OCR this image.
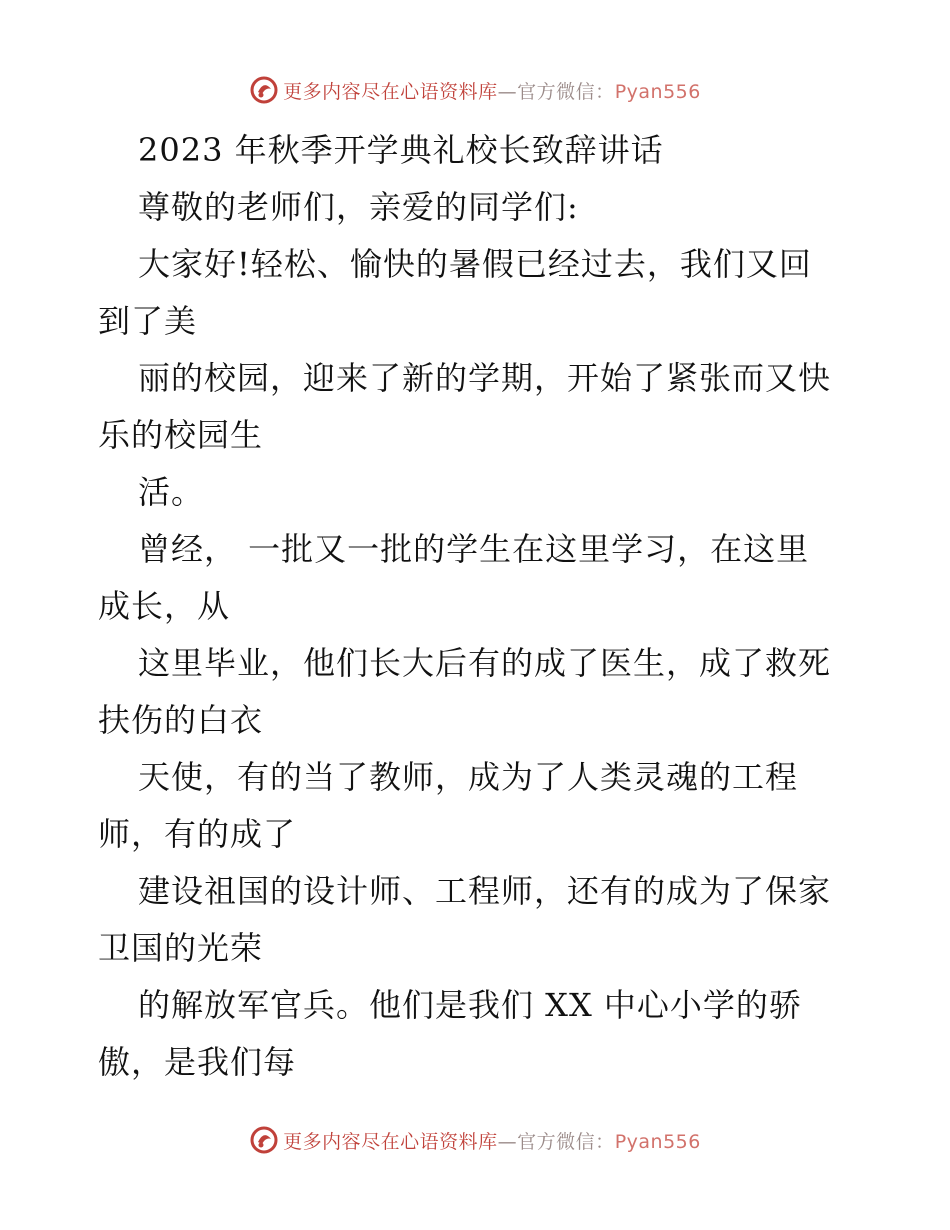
更多内容尽在心语资料库—官方微信：Pyan556
2023 年秋季开学典礼校长致辞讲话
尊敬的老师们，亲爱的同学们:
大家好!轻松、愉快的暑假已经过去，我们又回
到了美
丽的校园，迎来了新的学期，开始了紧张而又快
乐的校园生
活。
曾经， 一批又一批的学生在这里学习，在这里
成长，从
这里毕业，他们长大后有的成了医生，成了救死
扶伤的白衣
天使，有的当了教师，成为了人类灵魂的工程
师，有的成了
建设祖国的设计师、工程师，还有的成为了保家
卫国的光荣
的解放军官兵。他们是我们 XX 中心小学的骄
傲，是我们每
更多内容尽在心语资料库—官方微信：Pyan556
